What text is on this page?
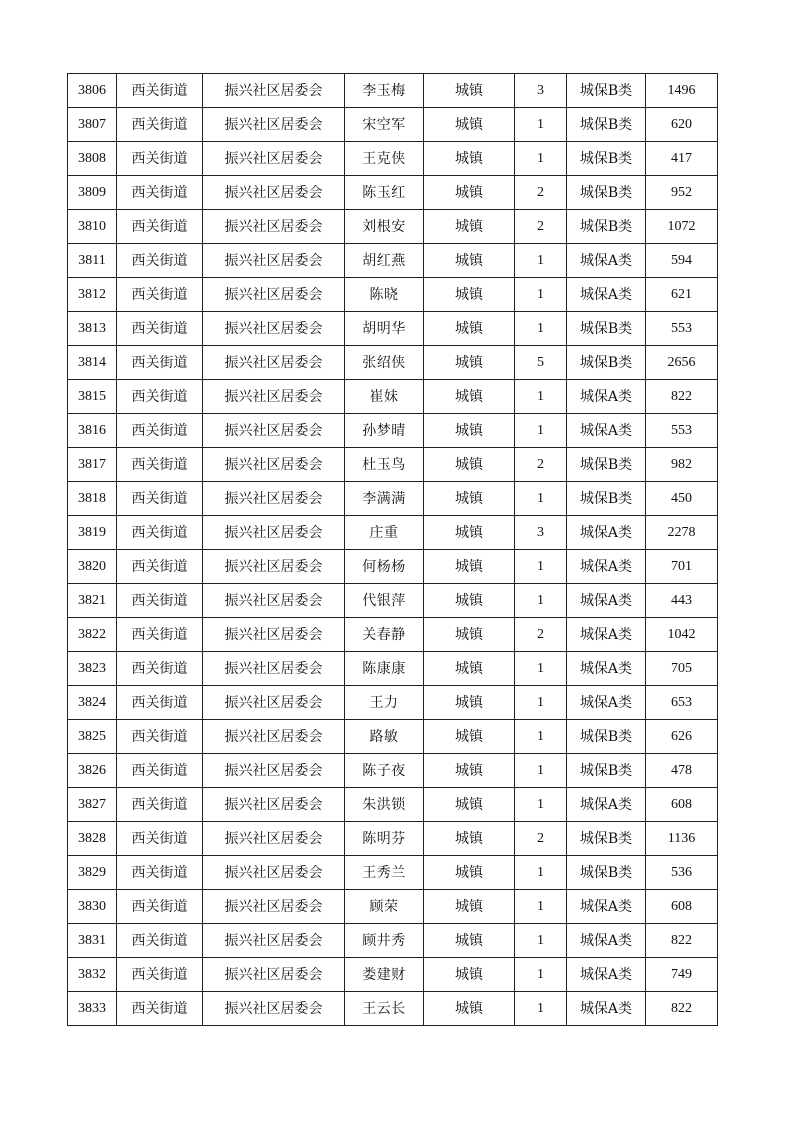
3806	西关街道	振兴社区居委会	李玉梅	城镇	3	城保B类	1496
3807	西关街道	振兴社区居委会	宋空军	城镇	1	城保B类	620
3808	西关街道	振兴社区居委会	王克侠	城镇	1	城保B类	417
3809	西关街道	振兴社区居委会	陈玉红	城镇	2	城保B类	952
3810	西关街道	振兴社区居委会	刘根安	城镇	2	城保B类	1072
3811	西关街道	振兴社区居委会	胡红燕	城镇	1	城保A类	594
3812	西关街道	振兴社区居委会	陈晓	城镇	1	城保A类	621
3813	西关街道	振兴社区居委会	胡明华	城镇	1	城保B类	553
3814	西关街道	振兴社区居委会	张绍侠	城镇	5	城保B类	2656
3815	西关街道	振兴社区居委会	崔妹	城镇	1	城保A类	822
3816	西关街道	振兴社区居委会	孙梦晴	城镇	1	城保A类	553
3817	西关街道	振兴社区居委会	杜玉鸟	城镇	2	城保B类	982
3818	西关街道	振兴社区居委会	李满满	城镇	1	城保B类	450
3819	西关街道	振兴社区居委会	庄重	城镇	3	城保A类	2278
3820	西关街道	振兴社区居委会	何杨杨	城镇	1	城保A类	701
3821	西关街道	振兴社区居委会	代银萍	城镇	1	城保A类	443
3822	西关街道	振兴社区居委会	关春静	城镇	2	城保A类	1042
3823	西关街道	振兴社区居委会	陈康康	城镇	1	城保A类	705
3824	西关街道	振兴社区居委会	王力	城镇	1	城保A类	653
3825	西关街道	振兴社区居委会	路敏	城镇	1	城保B类	626
3826	西关街道	振兴社区居委会	陈子夜	城镇	1	城保B类	478
3827	西关街道	振兴社区居委会	朱洪锁	城镇	1	城保A类	608
3828	西关街道	振兴社区居委会	陈明芬	城镇	2	城保B类	1136
3829	西关街道	振兴社区居委会	王秀兰	城镇	1	城保B类	536
3830	西关街道	振兴社区居委会	顾荣	城镇	1	城保A类	608
3831	西关街道	振兴社区居委会	顾井秀	城镇	1	城保A类	822
3832	西关街道	振兴社区居委会	娄建财	城镇	1	城保A类	749
3833	西关街道	振兴社区居委会	王云长	城镇	1	城保A类	822
